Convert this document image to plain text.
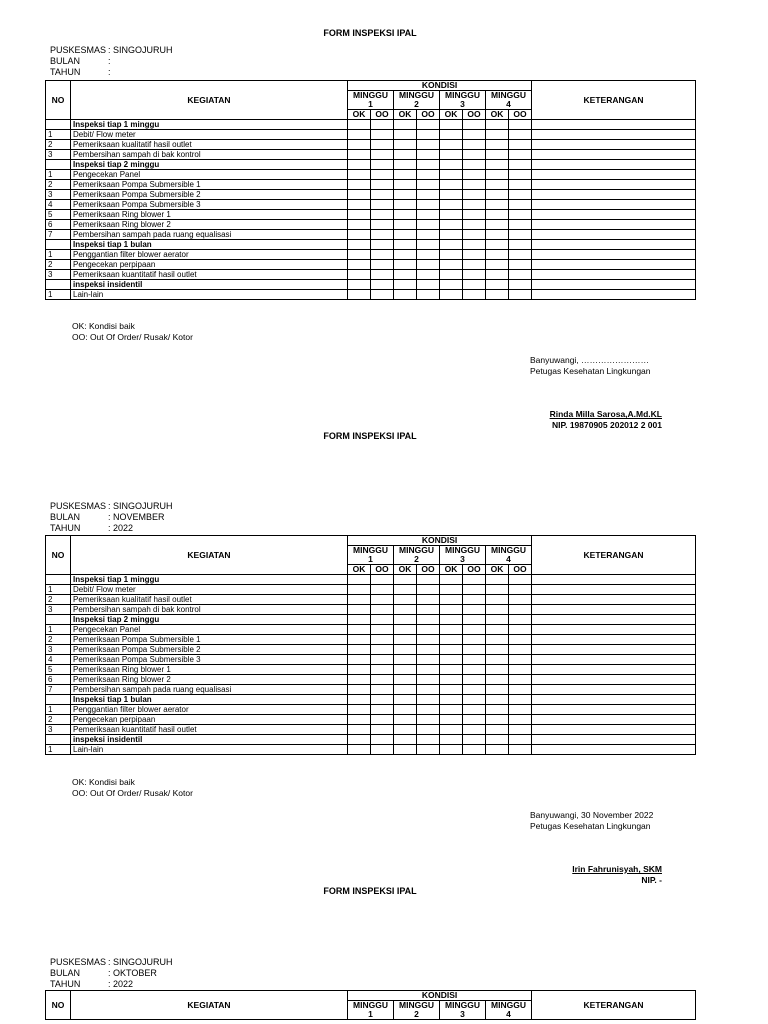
FORM INSPEKSI IPAL
PUSKESMAS : SINGOJURUH
BULAN	:
TAHUN	:
NO	KEGIATAN	KONDISI								KETERANGAN
		MINGGU 1		MINGGU 2		MINGGU 3		MINGGU 4		
		OK	OO	OK	OO	OK	OO	OK	OO	
	Inspeksi tiap 1 minggu									
1	Debit/ Flow meter									
2	Pemeriksaan kualitatif hasil outlet									
3	Pembersihan sampah di bak kontrol									
	Inspeksi tiap 2 minggu									
1	Pengecekan Panel									
2	Pemeriksaan Pompa Submersible 1									
3	Pemeriksaan Pompa Submersible 2									
4	Pemeriksaan Pompa Submersible 3									
5	Pemeriksaan Ring blower 1									
6	Pemeriksaan Ring blower 2									
7	Pembersihan sampah pada ruang equalisasi									
	Inspeksi tiap 1 bulan									
1	Penggantian filter blower aerator									
2	Pengecekan perpipaan									
3	Pemeriksaan kuantitatif hasil outlet									
	inspeksi insidentil									
1	Lain-lain									
OK: Kondisi baik
OO: Out Of Order/ Rusak/ Kotor
Banyuwangi, ……………………
Petugas Kesehatan Lingkungan
Rinda Milla Sarosa,A.Md.KL
NIP. 19870905 202012 2 001
FORM INSPEKSI IPAL
PUSKESMAS : SINGOJURUH
BULAN	: NOVEMBER
TAHUN	: 2022
NO	KEGIATAN	KONDISI								KETERANGAN
		MINGGU 1		MINGGU 2		MINGGU 3		MINGGU 4		
		OK	OO	OK	OO	OK	OO	OK	OO	
	Inspeksi tiap 1 minggu									
1	Debit/ Flow meter									
2	Pemeriksaan kualitatif hasil outlet									
3	Pembersihan sampah di bak kontrol									
	Inspeksi tiap 2 minggu									
1	Pengecekan Panel									
2	Pemeriksaan Pompa Submersible 1									
3	Pemeriksaan Pompa Submersible 2									
4	Pemeriksaan Pompa Submersible 3									
5	Pemeriksaan Ring blower 1									
6	Pemeriksaan Ring blower 2									
7	Pembersihan sampah pada ruang equalisasi									
	Inspeksi tiap 1 bulan									
1	Penggantian filter blower aerator									
2	Pengecekan perpipaan									
3	Pemeriksaan kuantitatif hasil outlet									
	inspeksi insidentil									
1	Lain-lain									
OK: Kondisi baik
OO: Out Of Order/ Rusak/ Kotor
Banyuwangi, 30 November 2022
Petugas Kesehatan Lingkungan
Irin Fahrunisyah, SKM
NIP. -
FORM INSPEKSI IPAL
PUSKESMAS : SINGOJURUH
BULAN	: OKTOBER
TAHUN	: 2022
NO	KEGIATAN	KONDISI				KETERANGAN
		MINGGU 1	MINGGU 2	MINGGU 3	MINGGU 4	
